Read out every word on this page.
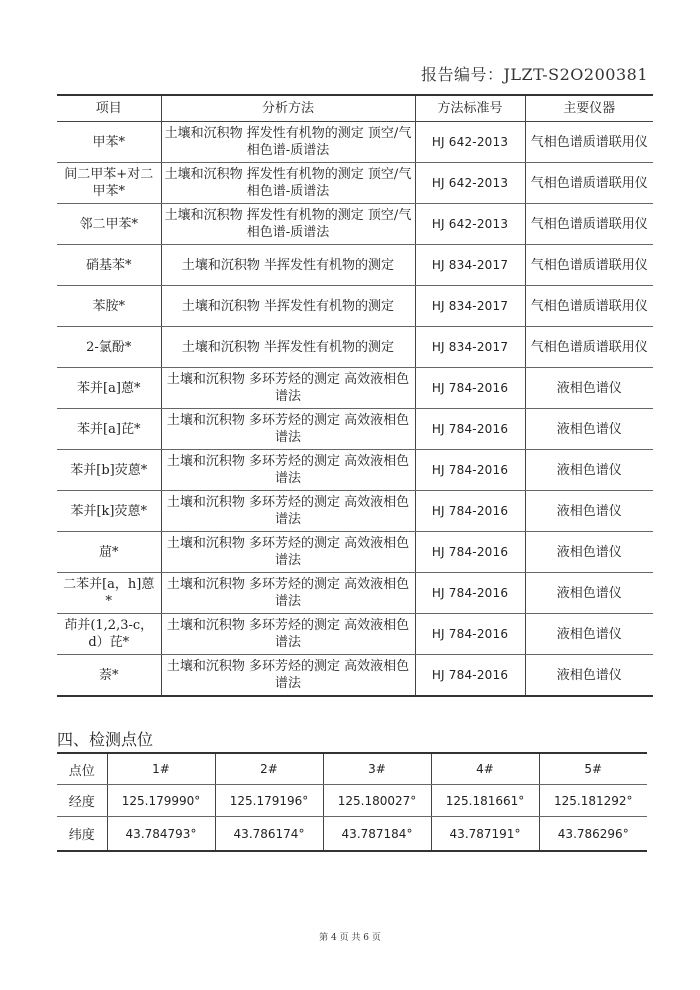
报告编号：JLZT-S2O200381
项目	分析方法	方法标准号	主要仪器
甲苯*	土壤和沉积物 挥发性有机物的测定 顶空/气相色谱-质谱法	HJ 642-2013	气相色谱质谱联用仪
间二甲苯+对二甲苯*	土壤和沉积物 挥发性有机物的测定 顶空/气相色谱-质谱法	HJ 642-2013	气相色谱质谱联用仪
邻二甲苯*	土壤和沉积物 挥发性有机物的测定 顶空/气相色谱-质谱法	HJ 642-2013	气相色谱质谱联用仪
硝基苯*	土壤和沉积物 半挥发性有机物的测定	HJ 834-2017	气相色谱质谱联用仪
苯胺*	土壤和沉积物 半挥发性有机物的测定	HJ 834-2017	气相色谱质谱联用仪
2-氯酚*	土壤和沉积物 半挥发性有机物的测定	HJ 834-2017	气相色谱质谱联用仪
苯并[a]蒽*	土壤和沉积物 多环芳烃的测定 高效液相色谱法	HJ 784-2016	液相色谱仪
苯并[a]芘*	土壤和沉积物 多环芳烃的测定 高效液相色谱法	HJ 784-2016	液相色谱仪
苯并[b]荧蒽*	土壤和沉积物 多环芳烃的测定 高效液相色谱法	HJ 784-2016	液相色谱仪
苯并[k]荧蒽*	土壤和沉积物 多环芳烃的测定 高效液相色谱法	HJ 784-2016	液相色谱仪
䓛*	土壤和沉积物 多环芳烃的测定 高效液相色谱法	HJ 784-2016	液相色谱仪
二苯并[a，h]蒽*	土壤和沉积物 多环芳烃的测定 高效液相色谱法	HJ 784-2016	液相色谱仪
茚并(1,2,3-c，d）芘*	土壤和沉积物 多环芳烃的测定 高效液相色谱法	HJ 784-2016	液相色谱仪
萘*	土壤和沉积物 多环芳烃的测定 高效液相色谱法	HJ 784-2016	液相色谱仪
四、检测点位
点位	1#	2#	3#	4#	5#
经度	125.179990°	125.179196°	125.180027°	125.181661°	125.181292°
纬度	43.784793°	43.786174°	43.787184°	43.787191°	43.786296°
第 4 页 共 6 页
